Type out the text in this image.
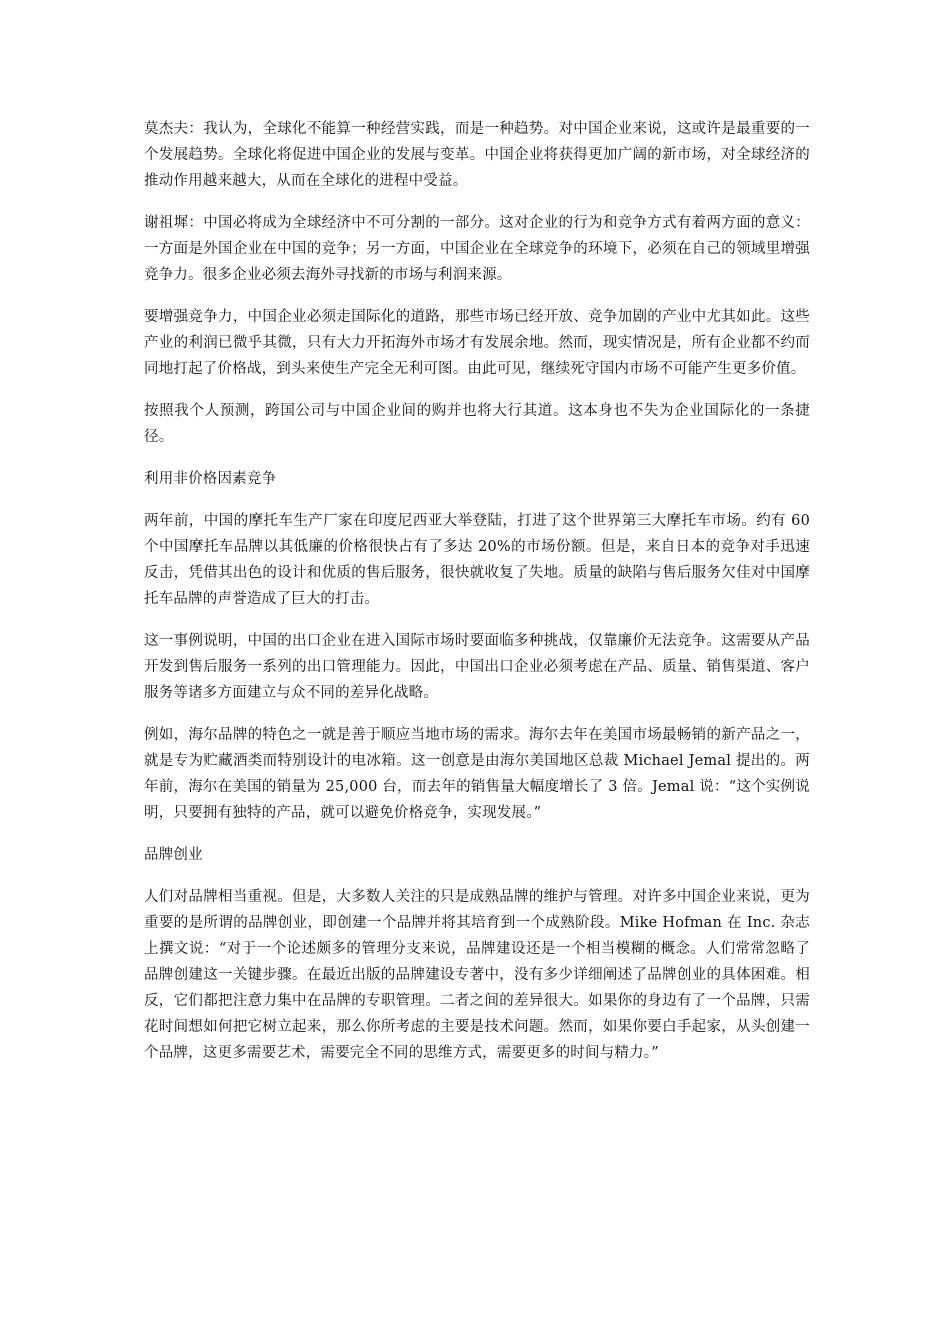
莫杰夫：我认为，全球化不能算一种经营实践，而是一种趋势。对中国企业来说，这或许是最重要的一个发展趋势。全球化将促进中国企业的发展与变革。中国企业将获得更加广阔的新市场，对全球经济的推动作用越来越大，从而在全球化的进程中受益。

谢祖墀：中国必将成为全球经济中不可分割的一部分。这对企业的行为和竞争方式有着两方面的意义：一方面是外国企业在中国的竞争；另一方面，中国企业在全球竞争的环境下，必须在自己的领域里增强竞争力。很多企业必须去海外寻找新的市场与利润来源。

要增强竞争力，中国企业必须走国际化的道路，那些市场已经开放、竞争加剧的产业中尤其如此。这些产业的利润已微乎其微，只有大力开拓海外市场才有发展余地。然而，现实情况是，所有企业都不约而同地打起了价格战，到头来使生产完全无利可图。由此可见，继续死守国内市场不可能产生更多价值。

按照我个人预测，跨国公司与中国企业间的购并也将大行其道。这本身也不失为企业国际化的一条捷径。

利用非价格因素竞争

两年前，中国的摩托车生产厂家在印度尼西亚大举登陆，打进了这个世界第三大摩托车市场。约有 60 个中国摩托车品牌以其低廉的价格很快占有了多达 20%的市场份额。但是，来自日本的竞争对手迅速反击，凭借其出色的设计和优质的售后服务，很快就收复了失地。质量的缺陷与售后服务欠佳对中国摩托车品牌的声誉造成了巨大的打击。

这一事例说明，中国的出口企业在进入国际市场时要面临多种挑战，仅靠廉价无法竞争。这需要从产品开发到售后服务一系列的出口管理能力。因此，中国出口企业必须考虑在产品、质量、销售渠道、客户服务等诸多方面建立与众不同的差异化战略。

例如，海尔品牌的特色之一就是善于顺应当地市场的需求。海尔去年在美国市场最畅销的新产品之一，就是专为贮藏酒类而特别设计的电冰箱。这一创意是由海尔美国地区总裁 Michael Jemal 提出的。两年前，海尔在美国的销量为 25,000 台，而去年的销售量大幅度增长了 3 倍。Jemal 说：“这个实例说明，只要拥有独特的产品，就可以避免价格竞争，实现发展。”

品牌创业

人们对品牌相当重视。但是，大多数人关注的只是成熟品牌的维护与管理。对许多中国企业来说，更为重要的是所谓的品牌创业，即创建一个品牌并将其培育到一个成熟阶段。Mike Hofman 在 Inc. 杂志上撰文说：“对于一个论述颇多的管理分支来说，品牌建设还是一个相当模糊的概念。人们常常忽略了品牌创建这一关键步骤。在最近出版的品牌建设专著中，没有多少详细阐述了品牌创业的具体困难。相反，它们都把注意力集中在品牌的专职管理。二者之间的差异很大。如果你的身边有了一个品牌，只需花时间想如何把它树立起来，那么你所考虑的主要是技术问题。然而，如果你要白手起家，从头创建一个品牌，这更多需要艺术，需要完全不同的思维方式，需要更多的时间与精力。”
